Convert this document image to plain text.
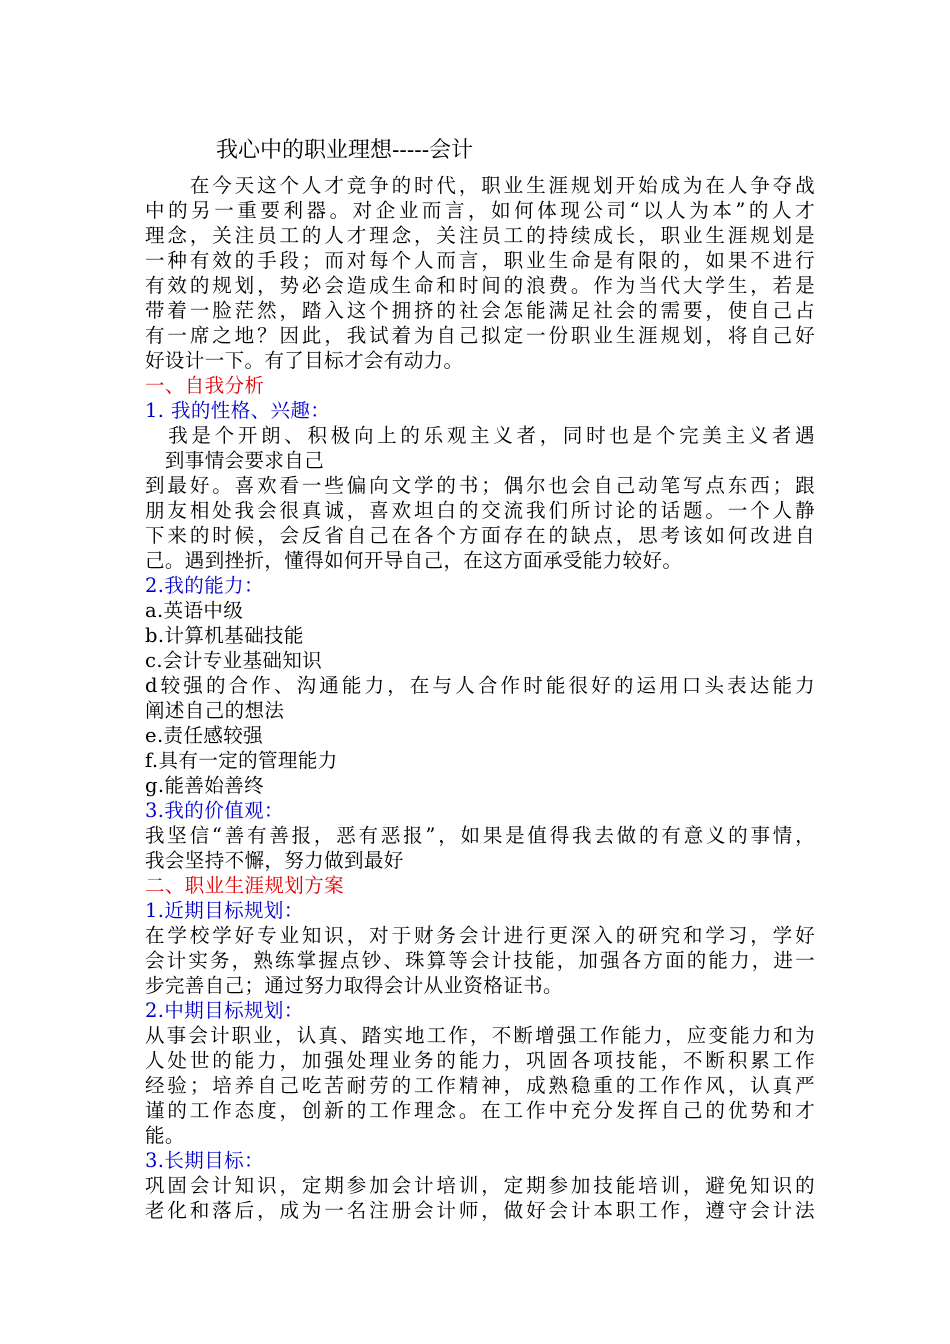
我心中的职业理想-----会计
　　在今天这个人才竞争的时代，职业生涯规划开始成为在人争夺战
中的另一重要利器。对企业而言，如何体现公司“以人为本”的人才
理念，关注员工的人才理念，关注员工的持续成长，职业生涯规划是
一种有效的手段；而对每个人而言，职业生命是有限的，如果不进行
有效的规划，势必会造成生命和时间的浪费。作为当代大学生，若是
带着一脸茫然，踏入这个拥挤的社会怎能满足社会的需要，使自己占
有一席之地？因此，我试着为自己拟定一份职业生涯规划，将自己好
好设计一下。有了目标才会有动力。
一、自我分析
1. 我的性格、兴趣：
　我是个开朗、积极向上的乐观主义者，同时也是个完美主义者遇
　到事情会要求自己
到最好。喜欢看一些偏向文学的书；偶尔也会自己动笔写点东西；跟
朋友相处我会很真诚，喜欢坦白的交流我们所讨论的话题。一个人静
下来的时候，会反省自己在各个方面存在的缺点，思考该如何改进自
己。遇到挫折，懂得如何开导自己，在这方面承受能力较好。
2.我的能力：
a.英语中级
b.计算机基础技能
c.会计专业基础知识
d较强的合作、沟通能力，在与人合作时能很好的运用口头表达能力
阐述自己的想法
e.责任感较强
f.具有一定的管理能力
g.能善始善终
3.我的价值观：
我坚信“善有善报，恶有恶报”，如果是值得我去做的有意义的事情，
我会坚持不懈，努力做到最好
二、职业生涯规划方案
1.近期目标规划：
在学校学好专业知识，对于财务会计进行更深入的研究和学习，学好
会计实务，熟练掌握点钞、珠算等会计技能，加强各方面的能力，进一
步完善自己；通过努力取得会计从业资格证书。
2.中期目标规划：
从事会计职业，认真、踏实地工作，不断增强工作能力，应变能力和为
人处世的能力，加强处理业务的能力，巩固各项技能，不断积累工作
经验；培养自己吃苦耐劳的工作精神，成熟稳重的工作作风，认真严
谨的工作态度，创新的工作理念。在工作中充分发挥自己的优势和才
能。
3.长期目标：
巩固会计知识，定期参加会计培训，定期参加技能培训，避免知识的
老化和落后，成为一名注册会计师，做好会计本职工作，遵守会计法
